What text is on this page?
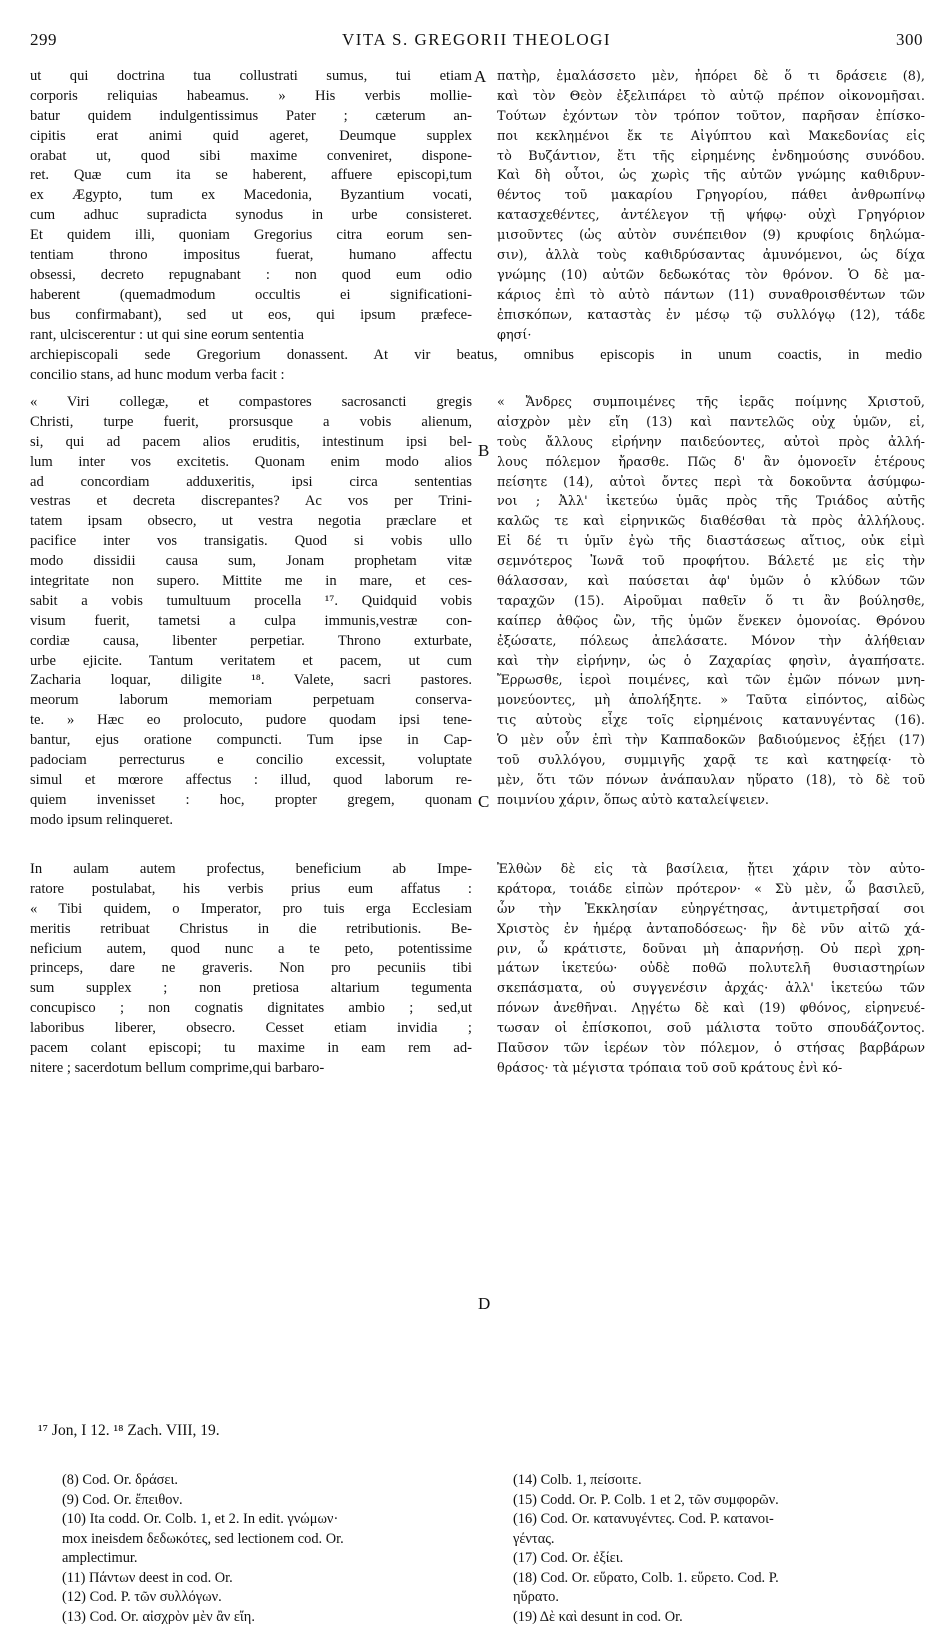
299	VITA S. GREGORII THEOLOGI	300
A
B
C
D
ut qui doctrina tua collustrati sumus, tui etiam
corporis reliquias habeamus. » His verbis mollie-
batur quidem indulgentissimus Pater ; cæterum an-
cipitis erat animi quid ageret, Deumque supplex
orabat ut, quod sibi maxime conveniret, dispone-
ret. Quæ cum ita se haberent, affuere episcopi,tum
ex Ægypto, tum ex Macedonia, Byzantium vocati,
cum adhuc supradicta synodus in urbe consisteret.
Et quidem illi, quoniam Gregorius citra eorum sen-
tentiam throno impositus fuerat, humano affectu
obsessi, decreto repugnabant : non quod eum odio
haberent (quemadmodum occultis ei significationi-
bus confirmabant), sed ut eos, qui ipsum præfece-
rant, ulciscerentur : ut qui sine eorum sententia
πατὴρ, ἐμαλάσσετο μὲν, ἠπόρει δὲ ὅ τι δράσειε (8),
καὶ τὸν Θεὸν ἐξελιπάρει τὸ αὐτῷ πρέπον οἰκονομῆσαι.
Τούτων ἐχόντων τὸν τρόπον τοῦτον, παρῆσαν ἐπίσκο-
ποι κεκλημένοι ἔκ τε Αἰγύπτου καὶ Μακεδονίας εἰς
τὸ Βυζάντιον, ἔτι τῆς εἰρημένης ἐνδημούσης συνόδου.
Καὶ δὴ οὗτοι, ὡς χωρὶς τῆς αὐτῶν γνώμης καθιδρυν-
θέντος τοῦ μακαρίου Γρηγορίου, πάθει ἀνθρωπίνῳ
κατασχεθέντες, ἀντέλεγον τῇ ψήφῳ· οὐχὶ Γρηγόριον
μισοῦντες (ὡς αὐτὸν συνέπειθον (9) κρυφίοις δηλώμα-
σιν), ἀλλὰ τοὺς καθιδρύσαντας ἀμυνόμενοι, ὡς δίχα
γνώμης (10) αὐτῶν δεδωκότας τὸν θρόνον. Ὁ δὲ μα-
κάριος ἐπὶ τὸ αὐτὸ πάντων (11) συναθροισθέντων τῶν
ἐπισκόπων, καταστὰς ἐν μέσῳ τῷ συλλόγῳ (12), τάδε
φησί·
archiepiscopali sede Gregorium donassent. At vir beatus, omnibus episcopis in unum coactis, in medio
concilio stans, ad hunc modum verba facit :
« Viri collegæ, et compastores sacrosancti gregis
Christi, turpe fuerit, prorsusque a vobis alienum,
si, qui ad pacem alios eruditis, intestinum ipsi bel-
lum inter vos excitetis. Quonam enim modo alios
ad concordiam adduxeritis, ipsi circa sententias
vestras et decreta discrepantes? Ac vos per Trini-
tatem ipsam obsecro, ut vestra negotia præclare et
pacifice inter vos transigatis. Quod si vobis ullo
modo dissidii causa sum, Jonam prophetam vitæ
integritate non supero. Mittite me in mare, et ces-
sabit a vobis tumultuum procella ¹⁷. Quidquid vobis
visum fuerit, tametsi a culpa immunis,vestræ con-
cordiæ causa, libenter perpetiar. Throno exturbate,
urbe ejicite. Tantum veritatem et pacem, ut cum
Zacharia loquar, diligite ¹⁸. Valete, sacri pastores.
meorum laborum memoriam perpetuam conserva-
te. » Hæc eo prolocuto, pudore quodam ipsi tene-
bantur, ejus oratione compuncti. Tum ipse in Cap-
padociam perrecturus e concilio excessit, voluptate
simul et mœrore affectus : illud, quod laborum re-
quiem invenisset : hoc, propter gregem, quonam
modo ipsum relinqueret.
« Ἄνδρες συμποιμένες τῆς ἱερᾶς ποίμνης Χριστοῦ,
αἰσχρὸν μὲν εἴη (13) καὶ παντελῶς οὐχ ὑμῶν, εἰ,
τοὺς ἄλλους εἰρήνην παιδεύοντες, αὐτοὶ πρὸς ἀλλή-
λους πόλεμον ἤρασθε. Πῶς δ' ἂν ὁμονοεῖν ἑτέρους
πείσητε (14), αὐτοὶ ὄντες περὶ τὰ δοκοῦντα ἀσύμφω-
νοι ; Ἀλλ' ἱκετεύω ὑμᾶς πρὸς τῆς Τριάδος αὐτῆς
καλῶς τε καὶ εἰρηνικῶς διαθέσθαι τὰ πρὸς ἀλλήλους.
Εἰ δέ τι ὑμῖν ἐγὼ τῆς διαστάσεως αἴτιος, οὐκ εἰμὶ
σεμνότερος Ἰωνᾶ τοῦ προφήτου. Βάλετέ με εἰς τὴν
θάλασσαν, καὶ παύσεται ἀφ' ὑμῶν ὁ κλύδων τῶν
ταραχῶν (15). Αἱροῦμαι παθεῖν ὅ τι ἂν βούλησθε,
καίπερ ἀθῷος ὢν, τῆς ὑμῶν ἕνεκεν ὁμονοίας. Θρόνου
ἐξώσατε, πόλεως ἀπελάσατε. Μόνον τὴν ἀλήθειαν
καὶ τὴν εἰρήνην, ὡς ὁ Ζαχαρίας φησὶν, ἀγαπήσατε.
Ἔρρωσθε, ἱεροὶ ποιμένες, καὶ τῶν ἐμῶν πόνων μνη-
μονεύοντες, μὴ ἀπολήξητε. » Ταῦτα εἰπόντος, αἰδὼς
τις αὐτοὺς εἶχε τοῖς εἰρημένοις κατανυγέντας (16).
Ὁ μὲν οὖν ἐπὶ τὴν Καππαδοκῶν βαδιούμενος ἐξῄει (17)
τοῦ συλλόγου, συμμιγῆς χαρᾷ τε καὶ κατηφείᾳ· τὸ
μὲν, ὅτι τῶν πόνων ἀνάπαυλαν ηὕρατο (18), τὸ δὲ τοῦ
ποιμνίου χάριν, ὅπως αὐτὸ καταλείψειεν.
In aulam autem profectus, beneficium ab Impe-
ratore postulabat, his verbis prius eum affatus :
« Tibi quidem, o Imperator, pro tuis erga Ecclesiam
meritis retribuat Christus in die retributionis. Be-
neficium autem, quod nunc a te peto, potentissime
princeps, dare ne graveris. Non pro pecuniis tibi
sum supplex ; non pretiosa altarium tegumenta
concupisco ; non cognatis dignitates ambio ; sed,ut
laboribus liberer, obsecro. Cesset etiam invidia ;
pacem colant episcopi; tu maxime in eam rem ad-
nitere ; sacerdotum bellum comprime,qui barbaro-
Ἐλθὼν δὲ εἰς τὰ βασίλεια, ᾔτει χάριν τὸν αὐτο-
κράτορα, τοιάδε εἰπὼν πρότερον· « Σὺ μὲν, ὦ βασιλεῦ,
ὧν τὴν Ἐκκλησίαν εὐηργέτησας, ἀντιμετρῆσαί σοι
Χριστὸς ἐν ἡμέρᾳ ἀνταποδόσεως· ἣν δὲ νῦν αἰτῶ χά-
ριν, ὦ κράτιστε, δοῦναι μὴ ἀπαρνήσῃ. Οὐ περὶ χρη-
μάτων ἱκετεύω· οὐδὲ ποθῶ πολυτελῆ θυσιαστηρίων
σκεπάσματα, οὐ συγγενέσιν ἀρχάς· ἀλλ' ἱκετεύω τῶν
πόνων ἀνεθῆναι. Λῃγέτω δὲ καὶ (19) φθόνος, εἰρηνευέ-
τωσαν οἱ ἐπίσκοποι, σοῦ μάλιστα τοῦτο σπουδάζοντος.
Παῦσον τῶν ἱερέων τὸν πόλεμον, ὁ στήσας βαρβάρων
θράσος· τὰ μέγιστα τρόπαια τοῦ σοῦ κράτους ἐνὶ κό-
¹⁷ Jon, I 12. ¹⁸ Zach. VIII, 19.
(8) Cod. Or. δράσει.
(9) Cod. Or. ἔπειθον.
(10) Ita codd. Or. Colb. 1, et 2. In edit. γνώμων·
mox ineisdem δεδωκότες, sed lectionem cod. Or.
amplectimur.
(11) Πάντων deest in cod. Or.
(12) Cod. P. τῶν συλλόγων.
(13) Cod. Or. αἰσχρὸν μὲν ἂν εἴη.
(14) Colb. 1, πείσοιτε.
(15) Codd. Or. P. Colb. 1 et 2, τῶν συμφορῶν.
(16) Cod. Or. κατανυγέντες. Cod. P. κατανοι-
γέντας.
(17) Cod. Or. ἐξίει.
(18) Cod. Or. εὕρατο, Colb. 1. εὕρετο. Cod. P.
ηὕρατο.
(19) Δὲ καὶ desunt in cod. Or.
